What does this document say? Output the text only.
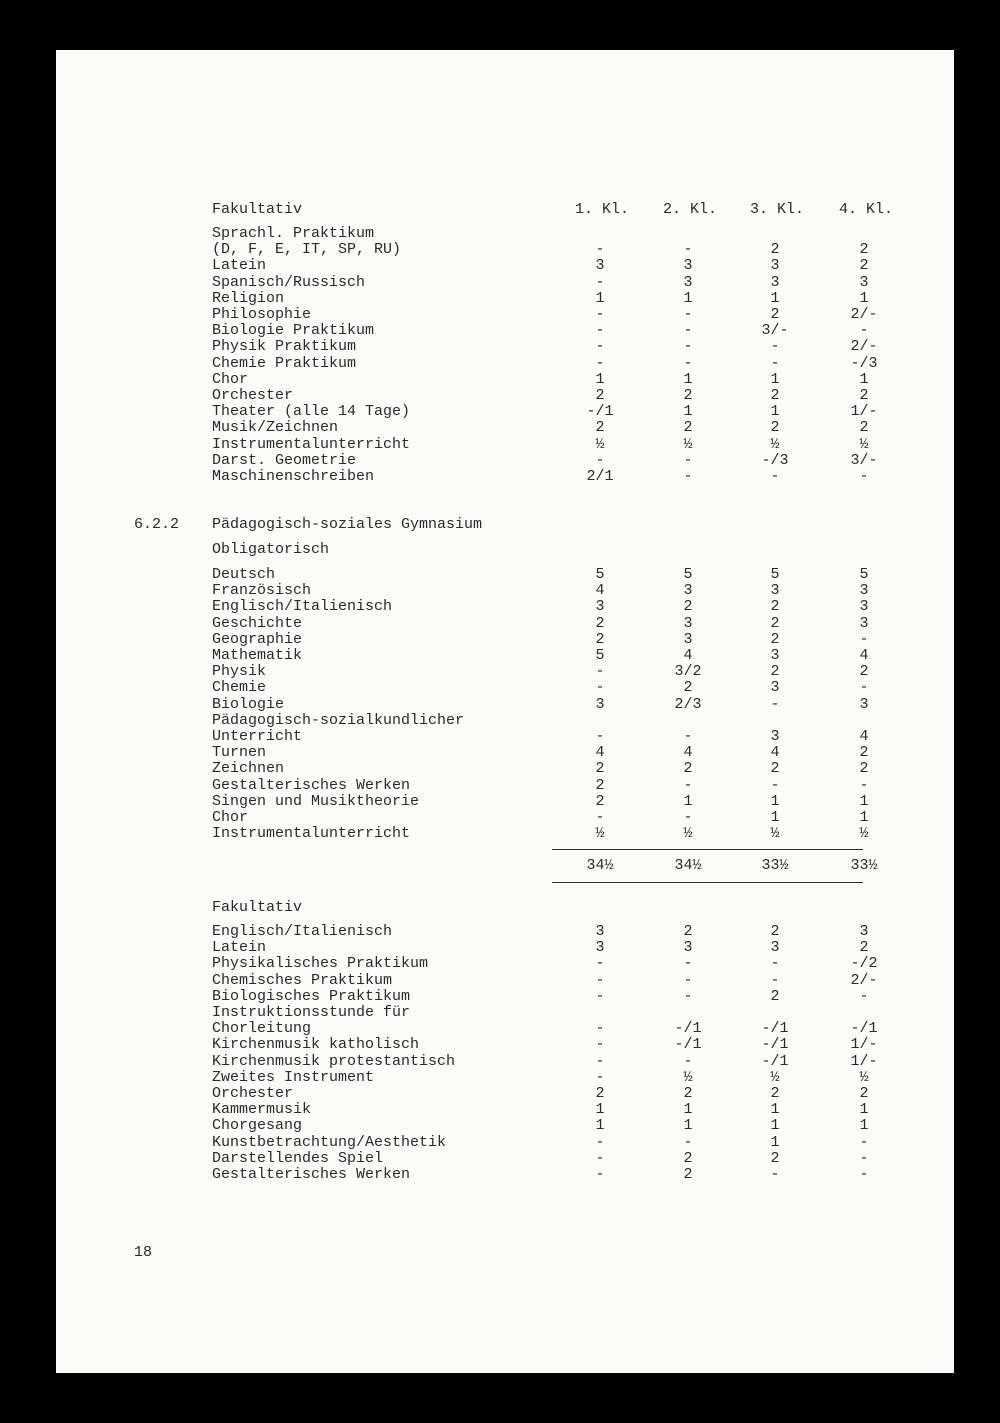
Fakultativ	1. Kl. 2. Kl. 3. Kl. 4. Kl.
Sprachl. Praktikum
(D, F, E, IT, SP, RU)	-	-	2	2
Latein	3	3	3	2
Spanisch/Russisch	-	3	3	3
Religion	1	1	1	1
Philosophie	-	-	2	2/-
Biologie Praktikum	-	-	3/-	-
Physik Praktikum	-	-	-	2/-
Chemie Praktikum	-	-	-	-/3
Chor	1	1	1	1
Orchester	2	2	2	2
Theater (alle 14 Tage)	-/1	1	1	1/-
Musik/Zeichnen	2	2	2	2
Instrumentalunterricht	½	½	½	½
Darst. Geometrie	-	-	-/3	3/-
Maschinenschreiben	2/1	-	-	-
6.2.2 Pädagogisch-soziales Gymnasium
Obligatorisch
Deutsch	5	5	5	5
Französisch	4	3	3	3
Englisch/Italienisch	3	2	2	3
Geschichte	2	3	2	3
Geographie	2	3	2	-
Mathematik	5	4	3	4
Physik	-	3/2	2	2
Chemie	-	2	3	-
Biologie	3	2/3	-	3
Pädagogisch-sozialkundlicher
Unterricht	-	-	3	4
Turnen	4	4	4	2
Zeichnen	2	2	2	2
Gestalterisches Werken	2	-	-	-
Singen und Musiktheorie	2	1	1	1
Chor	-	-	1	1
Instrumentalunterricht	½	½	½	½
34½	34½	33½	33½
Fakultativ
Englisch/Italienisch	3	2	2	3
Latein	3	3	3	2
Physikalisches Praktikum	-	-	-	-/2
Chemisches Praktikum	-	-	-	2/-
Biologisches Praktikum	-	-	2	-
Instruktionsstunde für
Chorleitung	-	-/1	-/1	-/1
Kirchenmusik katholisch	-	-/1	-/1	1/-
Kirchenmusik protestantisch	-	-	-/1	1/-
Zweites Instrument	-	½	½	½
Orchester	2	2	2	2
Kammermusik	1	1	1	1
Chorgesang	1	1	1	1
Kunstbetrachtung/Aesthetik	-	-	1	-
Darstellendes Spiel	-	2	2	-
Gestalterisches Werken	-	2	-	-
18
